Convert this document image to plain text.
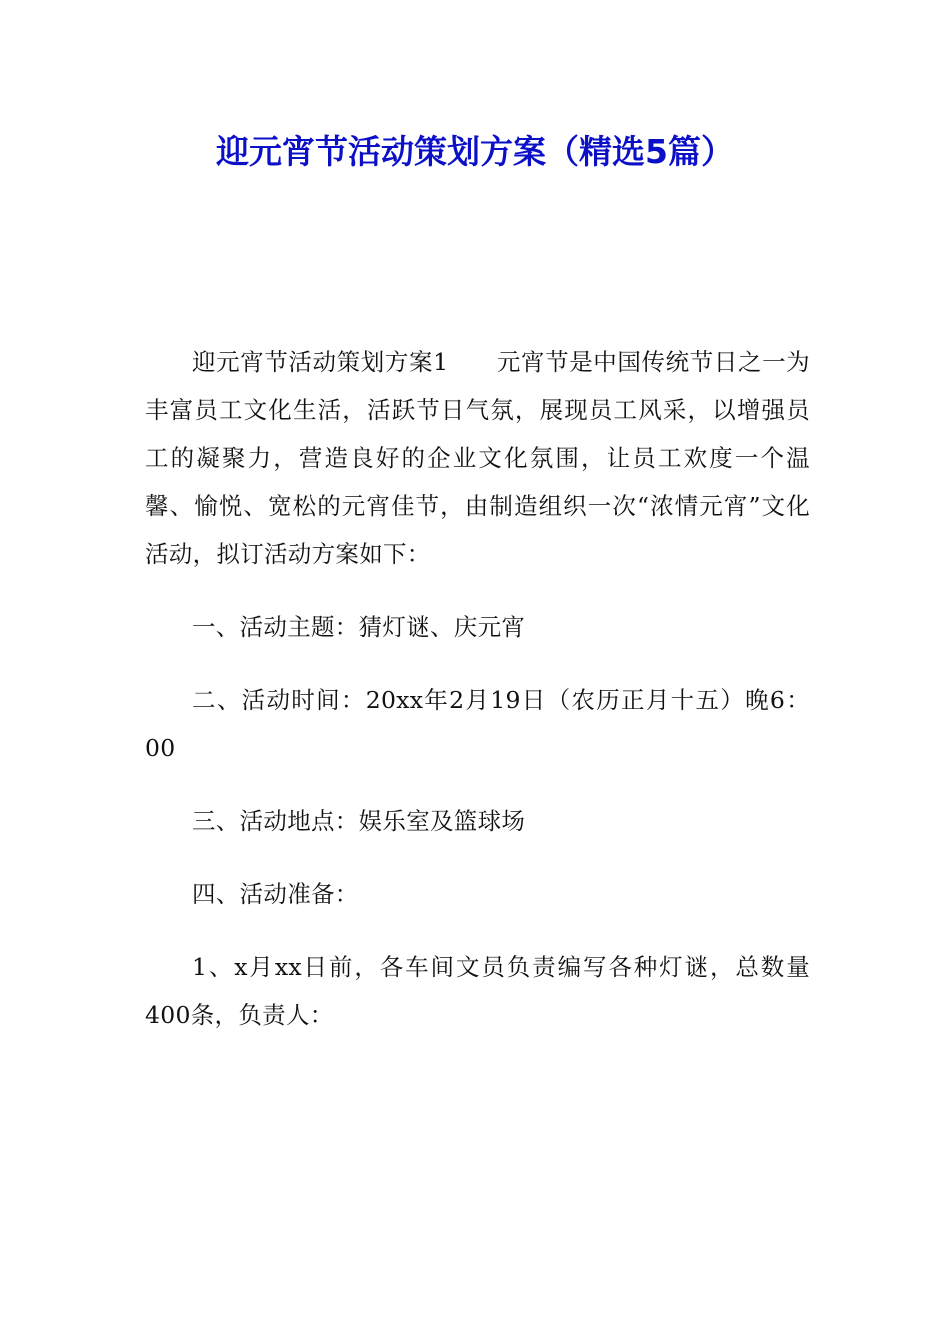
迎元宵节活动策划方案（精选5篇）

迎元宵节活动策划方案1　　元宵节是中国传统节日之一为丰富员工文化生活，活跃节日气氛，展现员工风采，以增强员工的凝聚力，营造良好的企业文化氛围，让员工欢度一个温馨、愉悦、宽松的元宵佳节，由制造组织一次“浓情元宵”文化活动，拟订活动方案如下：

一、活动主题：猜灯谜、庆元宵

二、活动时间：20xx年2月19日（农历正月十五）晚6：00

三、活动地点：娱乐室及篮球场

四、活动准备：

1、x月xx日前，各车间文员负责编写各种灯谜，总数量400条，负责人：
